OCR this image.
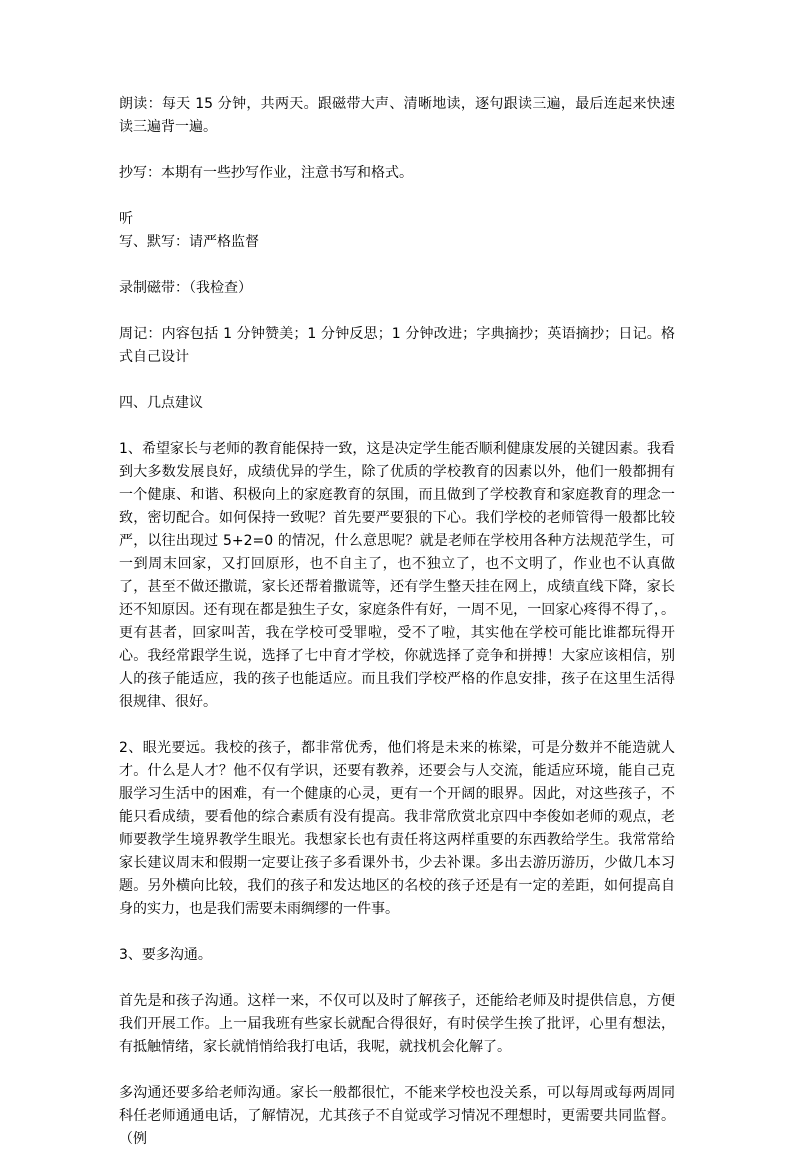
朗读：每天 15 分钟，共两天。跟磁带大声、清晰地读，逐句跟读三遍，最后连起来快速读三遍背一遍。

抄写：本期有一些抄写作业，注意书写和格式。

听
写、默写：请严格监督

录制磁带：（我检查）

周记：内容包括 1 分钟赞美；1 分钟反思；1 分钟改进；字典摘抄；英语摘抄；日记。格式自己设计

四、几点建议

1、希望家长与老师的教育能保持一致，这是决定学生能否顺利健康发展的关键因素。我看到大多数发展良好，成绩优异的学生，除了优质的学校教育的因素以外，他们一般都拥有一个健康、和谐、积极向上的家庭教育的氛围，而且做到了学校教育和家庭教育的理念一致，密切配合。如何保持一致呢？首先要严要狠的下心。我们学校的老师管得一般都比较严，以往出现过 5+2=0 的情况，什么意思呢？就是老师在学校用各种方法规范学生，可一到周末回家，又打回原形，也不自主了，也不独立了，也不文明了，作业也不认真做了，甚至不做还撒谎，家长还帮着撒谎等，还有学生整天挂在网上，成绩直线下降，家长还不知原因。还有现在都是独生子女，家庭条件有好，一周不见，一回家心疼得不得了，。更有甚者，回家叫苦，我在学校可受罪啦，受不了啦，其实他在学校可能比谁都玩得开心。我经常跟学生说，选择了七中育才学校，你就选择了竞争和拼搏！大家应该相信，别人的孩子能适应，我的孩子也能适应。而且我们学校严格的作息安排，孩子在这里生活得很规律、很好。

2、眼光要远。我校的孩子，都非常优秀，他们将是未来的栋梁，可是分数并不能造就人才。什么是人才？他不仅有学识，还要有教养，还要会与人交流，能适应环境，能自己克服学习生活中的困难，有一个健康的心灵，更有一个开阔的眼界。因此，对这些孩子，不能只看成绩，要看他的综合素质有没有提高。我非常欣赏北京四中李俊如老师的观点，老师要教学生境界教学生眼光。我想家长也有责任将这两样重要的东西教给学生。我常常给家长建议周末和假期一定要让孩子多看课外书，少去补课。多出去游历游历，少做几本习题。另外横向比较，我们的孩子和发达地区的名校的孩子还是有一定的差距，如何提高自身的实力，也是我们需要未雨绸缪的一件事。

3、要多沟通。

首先是和孩子沟通。这样一来，不仅可以及时了解孩子，还能给老师及时提供信息，方便我们开展工作。上一届我班有些家长就配合得很好，有时侯学生挨了批评，心里有想法，有抵触情绪，家长就悄悄给我打电话，我呢，就找机会化解了。

多沟通还要多给老师沟通。家长一般都很忙，不能来学校也没关系，可以每周或每两周同科任老师通通电话，了解情况，尤其孩子不自觉或学习情况不理想时，更需要共同监督。（例
